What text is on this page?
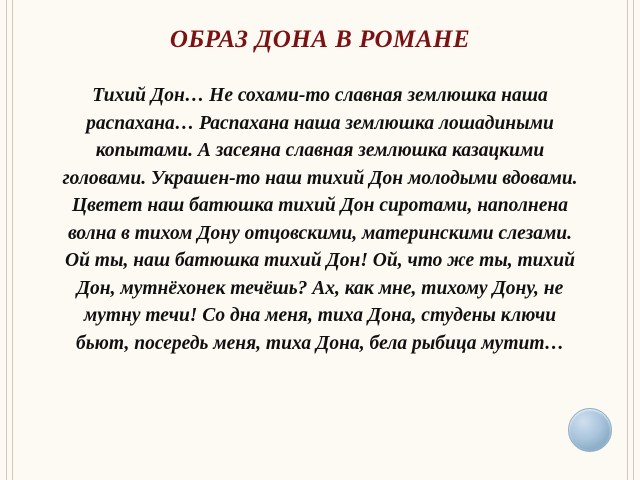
ОБРАЗ ДОНА В РОМАНЕ
Тихий Дон… Не сохами-то славная землюшка наша распахана… Распахана наша землюшка лошадиными копытами. А засеяна славная землюшка казацкими головами. Украшен-то наш тихий Дон молодыми вдовами. Цветет наш батюшка тихий Дон сиротами, наполнена волна в тихом Дону отцовскими, материнскими слезами. Ой ты, наш батюшка тихий Дон! Ой, что же ты, тихий Дон, мутнёхонек течёшь? Ах, как мне, тихому Дону, не мутну течи! Со дна меня, тиха Дона, студены ключи бьют, посередь меня, тиха Дона, бела рыбица мутит…
